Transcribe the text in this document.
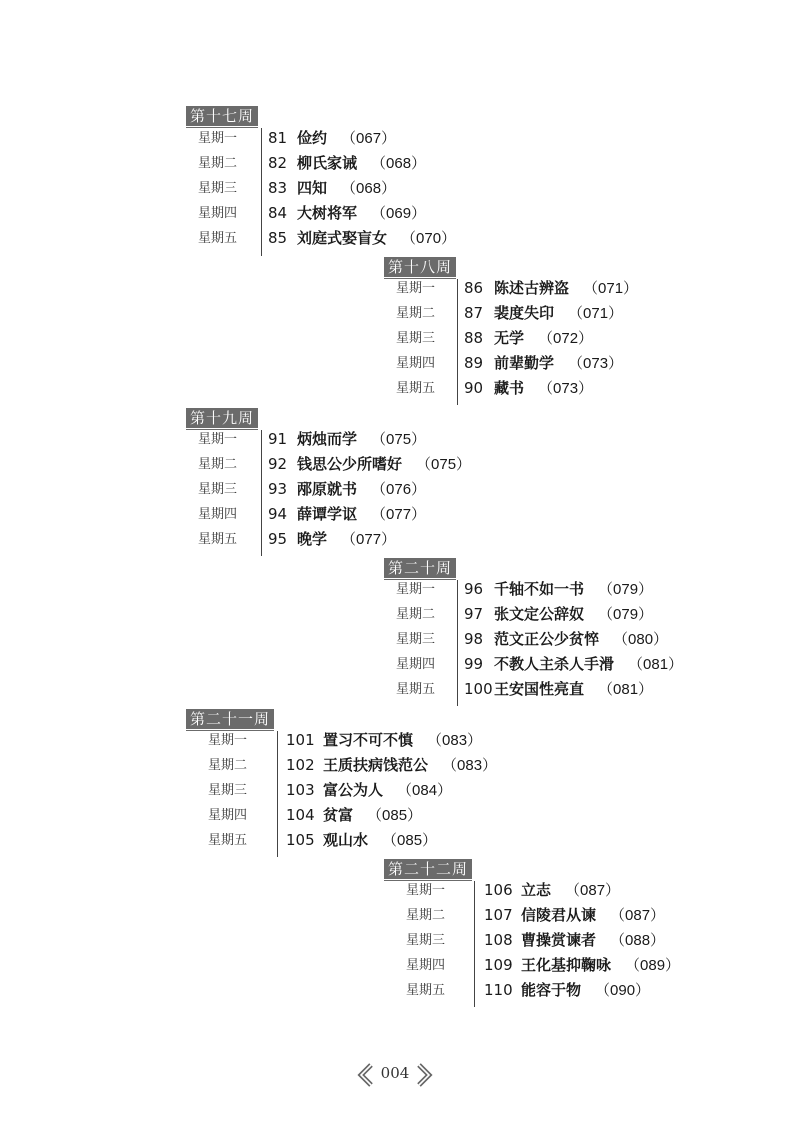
第十七周
星期一 81 俭约 （067）
星期二 82 柳氏家诫 （068）
星期三 83 四知 （068）
星期四 84 大树将军 （069）
星期五 85 刘庭式娶盲女 （070）
第十八周
星期一 86 陈述古辨盗 （071）
星期二 87 裴度失印 （071）
星期三 88 无学 （072）
星期四 89 前辈勤学 （073）
星期五 90 藏书 （073）
第十九周
星期一 91 炳烛而学 （075）
星期二 92 钱思公少所嗜好 （075）
星期三 93 邴原就书 （076）
星期四 94 薛谭学讴 （077）
星期五 95 晚学 （077）
第二十周
星期一 96 千轴不如一书 （079）
星期二 97 张文定公辞奴 （079）
星期三 98 范文正公少贫悴 （080）
星期四 99 不教人主杀人手滑 （081）
星期五 100 王安国性亮直 （081）
第二十一周
星期一	101 置习不可不慎 （083）
星期二	102 王质扶病饯范公 （083）
星期三	103 富公为人 （084）
星期四	104 贫富 （085）
星期五	105 观山水 （085）
第二十二周
星期一	106 立志 （087）
星期二	107 信陵君从谏 （087）
星期三	108 曹操赏谏者 （088）
星期四	109 王化基抑鞠咏 （089）
星期五	110 能容于物 （090）
004
